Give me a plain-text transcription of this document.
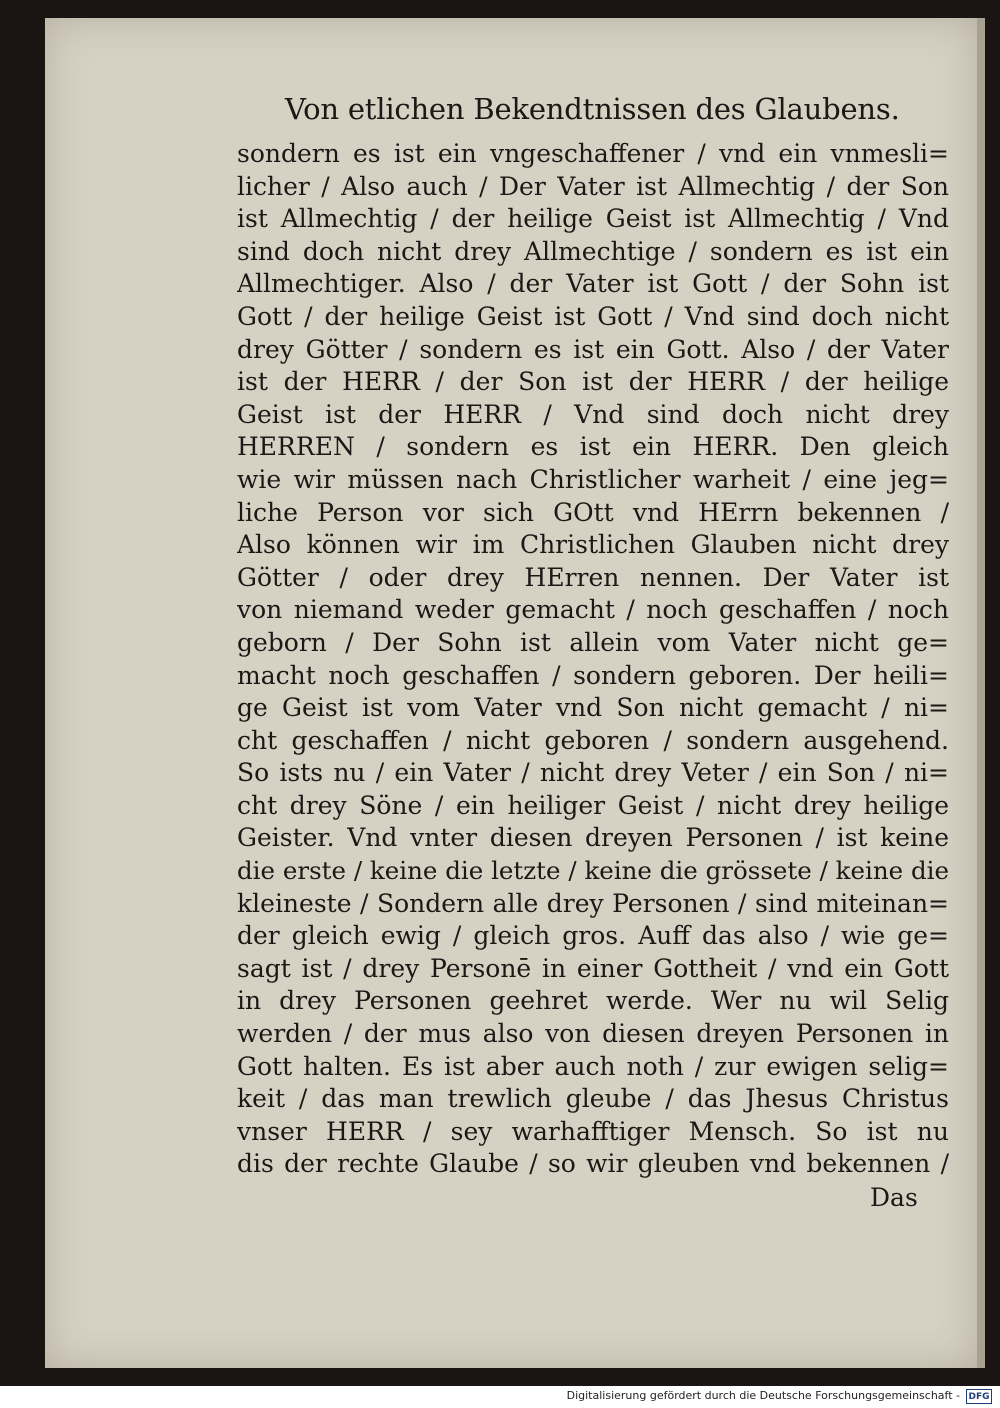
Von etlichen Bekendtnissen des Glaubens.
sondern es ist ein vngeschaffener / vnd ein vnmesli=
licher / Also auch / Der Vater ist Allmechtig / der Son
ist Allmechtig / der heilige Geist ist Allmechtig / Vnd
sind doch nicht drey Allmechtige / sondern es ist ein
Allmechtiger. Also / der Vater ist Gott / der Sohn ist
Gott / der heilige Geist ist Gott / Vnd sind doch nicht
drey Götter / sondern es ist ein Gott. Also / der Vater
ist der HERR / der Son ist der HERR / der heilige
Geist ist der HERR / Vnd sind doch nicht drey
HERREN / sondern es ist ein HERR. Den gleich
wie wir müssen nach Christlicher warheit / eine jeg=
liche Person vor sich GOtt vnd HErrn bekennen /
Also können wir im Christlichen Glauben nicht drey
Götter / oder drey HErren nennen. Der Vater ist
von niemand weder gemacht / noch geschaffen / noch
geborn / Der Sohn ist allein vom Vater nicht ge=
macht noch geschaffen / sondern geboren. Der heili=
ge Geist ist vom Vater vnd Son nicht gemacht / ni=
cht geschaffen / nicht geboren / sondern ausgehend.
So ists nu / ein Vater / nicht drey Veter / ein Son / ni=
cht drey Söne / ein heiliger Geist / nicht drey heilige
Geister. Vnd vnter diesen dreyen Personen / ist keine
die erste / keine die letzte / keine die grössete / keine die
kleineste / Sondern alle drey Personen / sind miteinan=
der gleich ewig / gleich gros. Auff das also / wie ge=
sagt ist / drey Personē in einer Gottheit / vnd ein Gott
in drey Personen geehret werde. Wer nu wil Selig
werden / der mus also von diesen dreyen Personen in
Gott halten. Es ist aber auch noth / zur ewigen selig=
keit / das man trewlich gleube / das Jhesus Christus
vnser HERR / sey warhafftiger Mensch. So ist nu
dis der rechte Glaube / so wir gleuben vnd bekennen /
Das
Digitalisierung gefördert durch die Deutsche Forschungsgemeinschaft - DFG
